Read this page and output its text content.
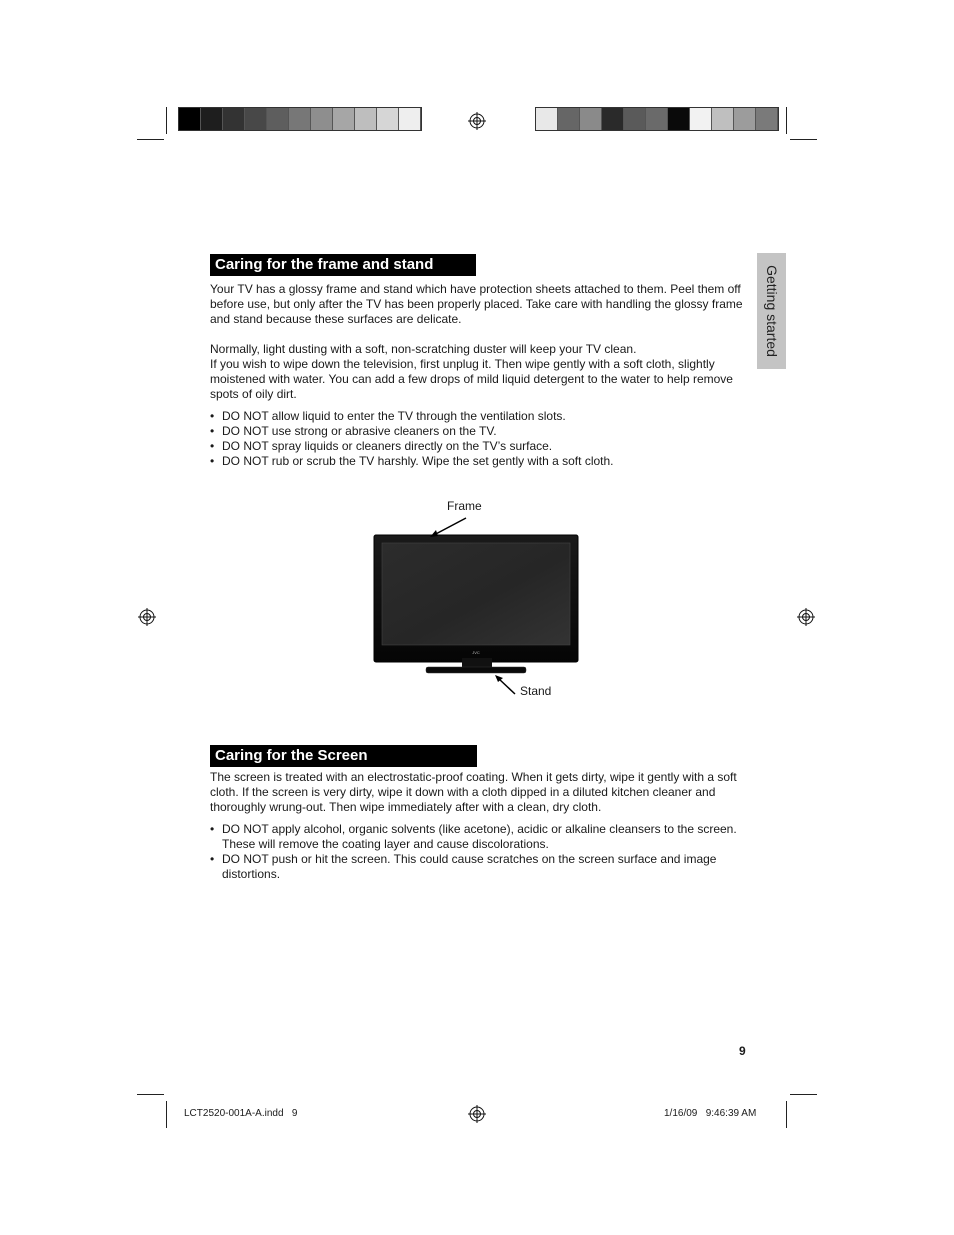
Getting started
Caring for the frame and stand

Your TV has a glossy frame and stand which have protection sheets attached to them. Peel them off before use, but only after the TV has been properly placed. Take care with handling the glossy frame and stand because these surfaces are delicate.

Normally, light dusting with a soft, non-scratching duster will keep your TV clean.

If you wish to wipe down the television, first unplug it. Then wipe gently with a soft cloth, slightly moistened with water. You can add a few drops of mild liquid detergent to the water to help remove spots of oily dirt.

• DO NOT allow liquid to enter the TV through the ventilation slots.
• DO NOT use strong or abrasive cleaners on the TV.
• DO NOT spray liquids or cleaners directly on the TV’s surface.
• DO NOT rub or scrub the TV harshly. Wipe the set gently with a soft cloth.
Frame
Stand
JVC
Caring for the Screen

The screen is treated with an electrostatic-proof coating. When it gets dirty, wipe it gently with a soft cloth. If the screen is very dirty, wipe it down with a cloth dipped in a diluted kitchen cleaner and thoroughly wrung-out. Then wipe immediately after with a clean, dry cloth.

• DO NOT apply alcohol, organic solvents (like acetone), acidic or alkaline cleansers to the screen. These will remove the coating layer and cause discolorations.
• DO NOT push or hit the screen. This could cause scratches on the screen surface and image distortions.
9
LCT2520-001A-A.indd   9	1/16/09   9:46:39 AM
